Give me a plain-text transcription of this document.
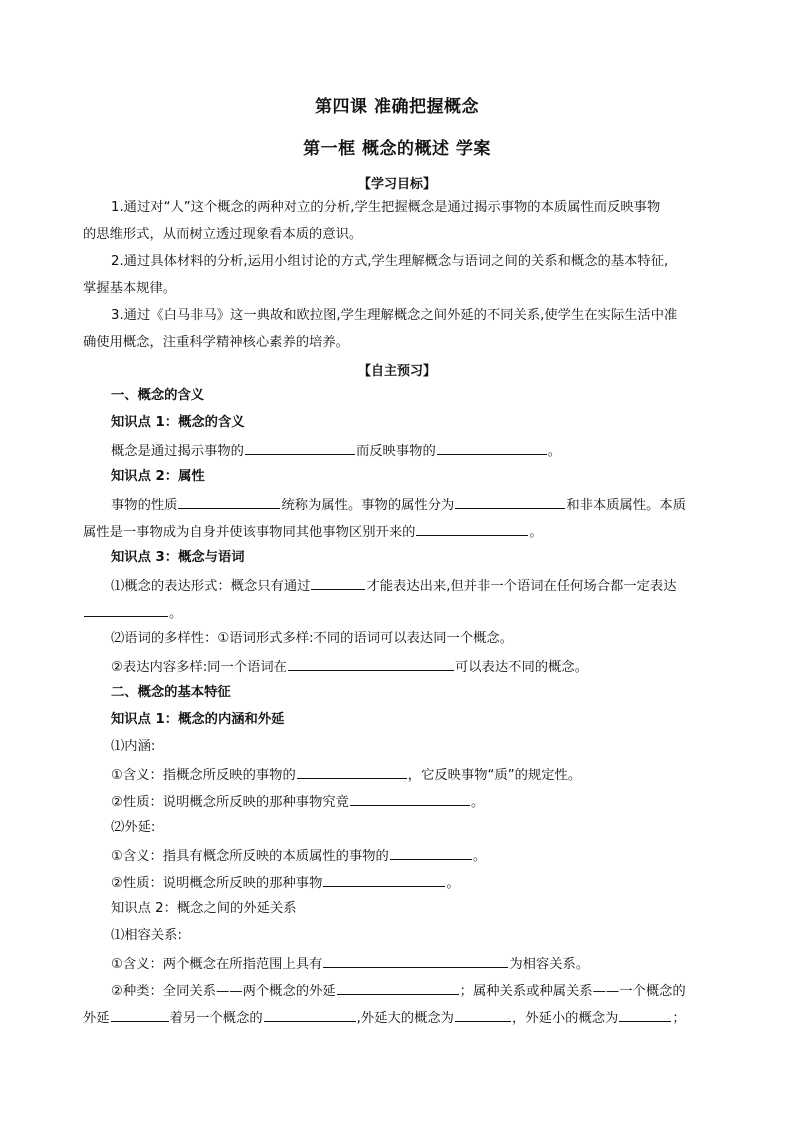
第四课 准确把握概念
第一框 概念的概述 学案
【学习目标】
1.通过对“人”这个概念的两种对立的分析,学生把握概念是通过揭示事物的本质属性而反映事物
的思维形式，从而树立透过现象看本质的意识。
2.通过具体材料的分析,运用小组讨论的方式,学生理解概念与语词之间的关系和概念的基本特征,
掌握基本规律。
3.通过《白马非马》这一典故和欧拉图,学生理解概念之间外延的不同关系,使学生在实际生活中准
确使用概念，注重科学精神核心素养的培养。
【自主预习】
一、概念的含义
知识点 1：概念的含义
概念是通过揭示事物的	而反映事物的	。
知识点 2：属性
事物的性质	统称为属性。事物的属性分为	和非本质属性。本质
属性是一事物成为自身并使该事物同其他事物区别开来的	。
知识点 3：概念与语词
⑴概念的表达形式：概念只有通过	才能表达出来,但并非一个语词在任何场合都一定表达
。
⑵语词的多样性：①语词形式多样:不同的语词可以表达同一个概念。
②表达内容多样:同一个语词在	可以表达不同的概念。
二、概念的基本特征
知识点 1：概念的内涵和外延
⑴内涵:
①含义：指概念所反映的事物的	，它反映事物“质”的规定性。
②性质：说明概念所反映的那种事物究竟	。
⑵外延:
①含义：指具有概念所反映的本质属性的事物的	。
②性质：说明概念所反映的那种事物	。
知识点 2：概念之间的外延关系
⑴相容关系:
①含义：两个概念在所指范围上具有	为相容关系。
②种类：全同关系——两个概念的外延	；属种关系或种属关系——一个概念的
外延	着另一个概念的	,外延大的概念为	，外延小的概念为	；
